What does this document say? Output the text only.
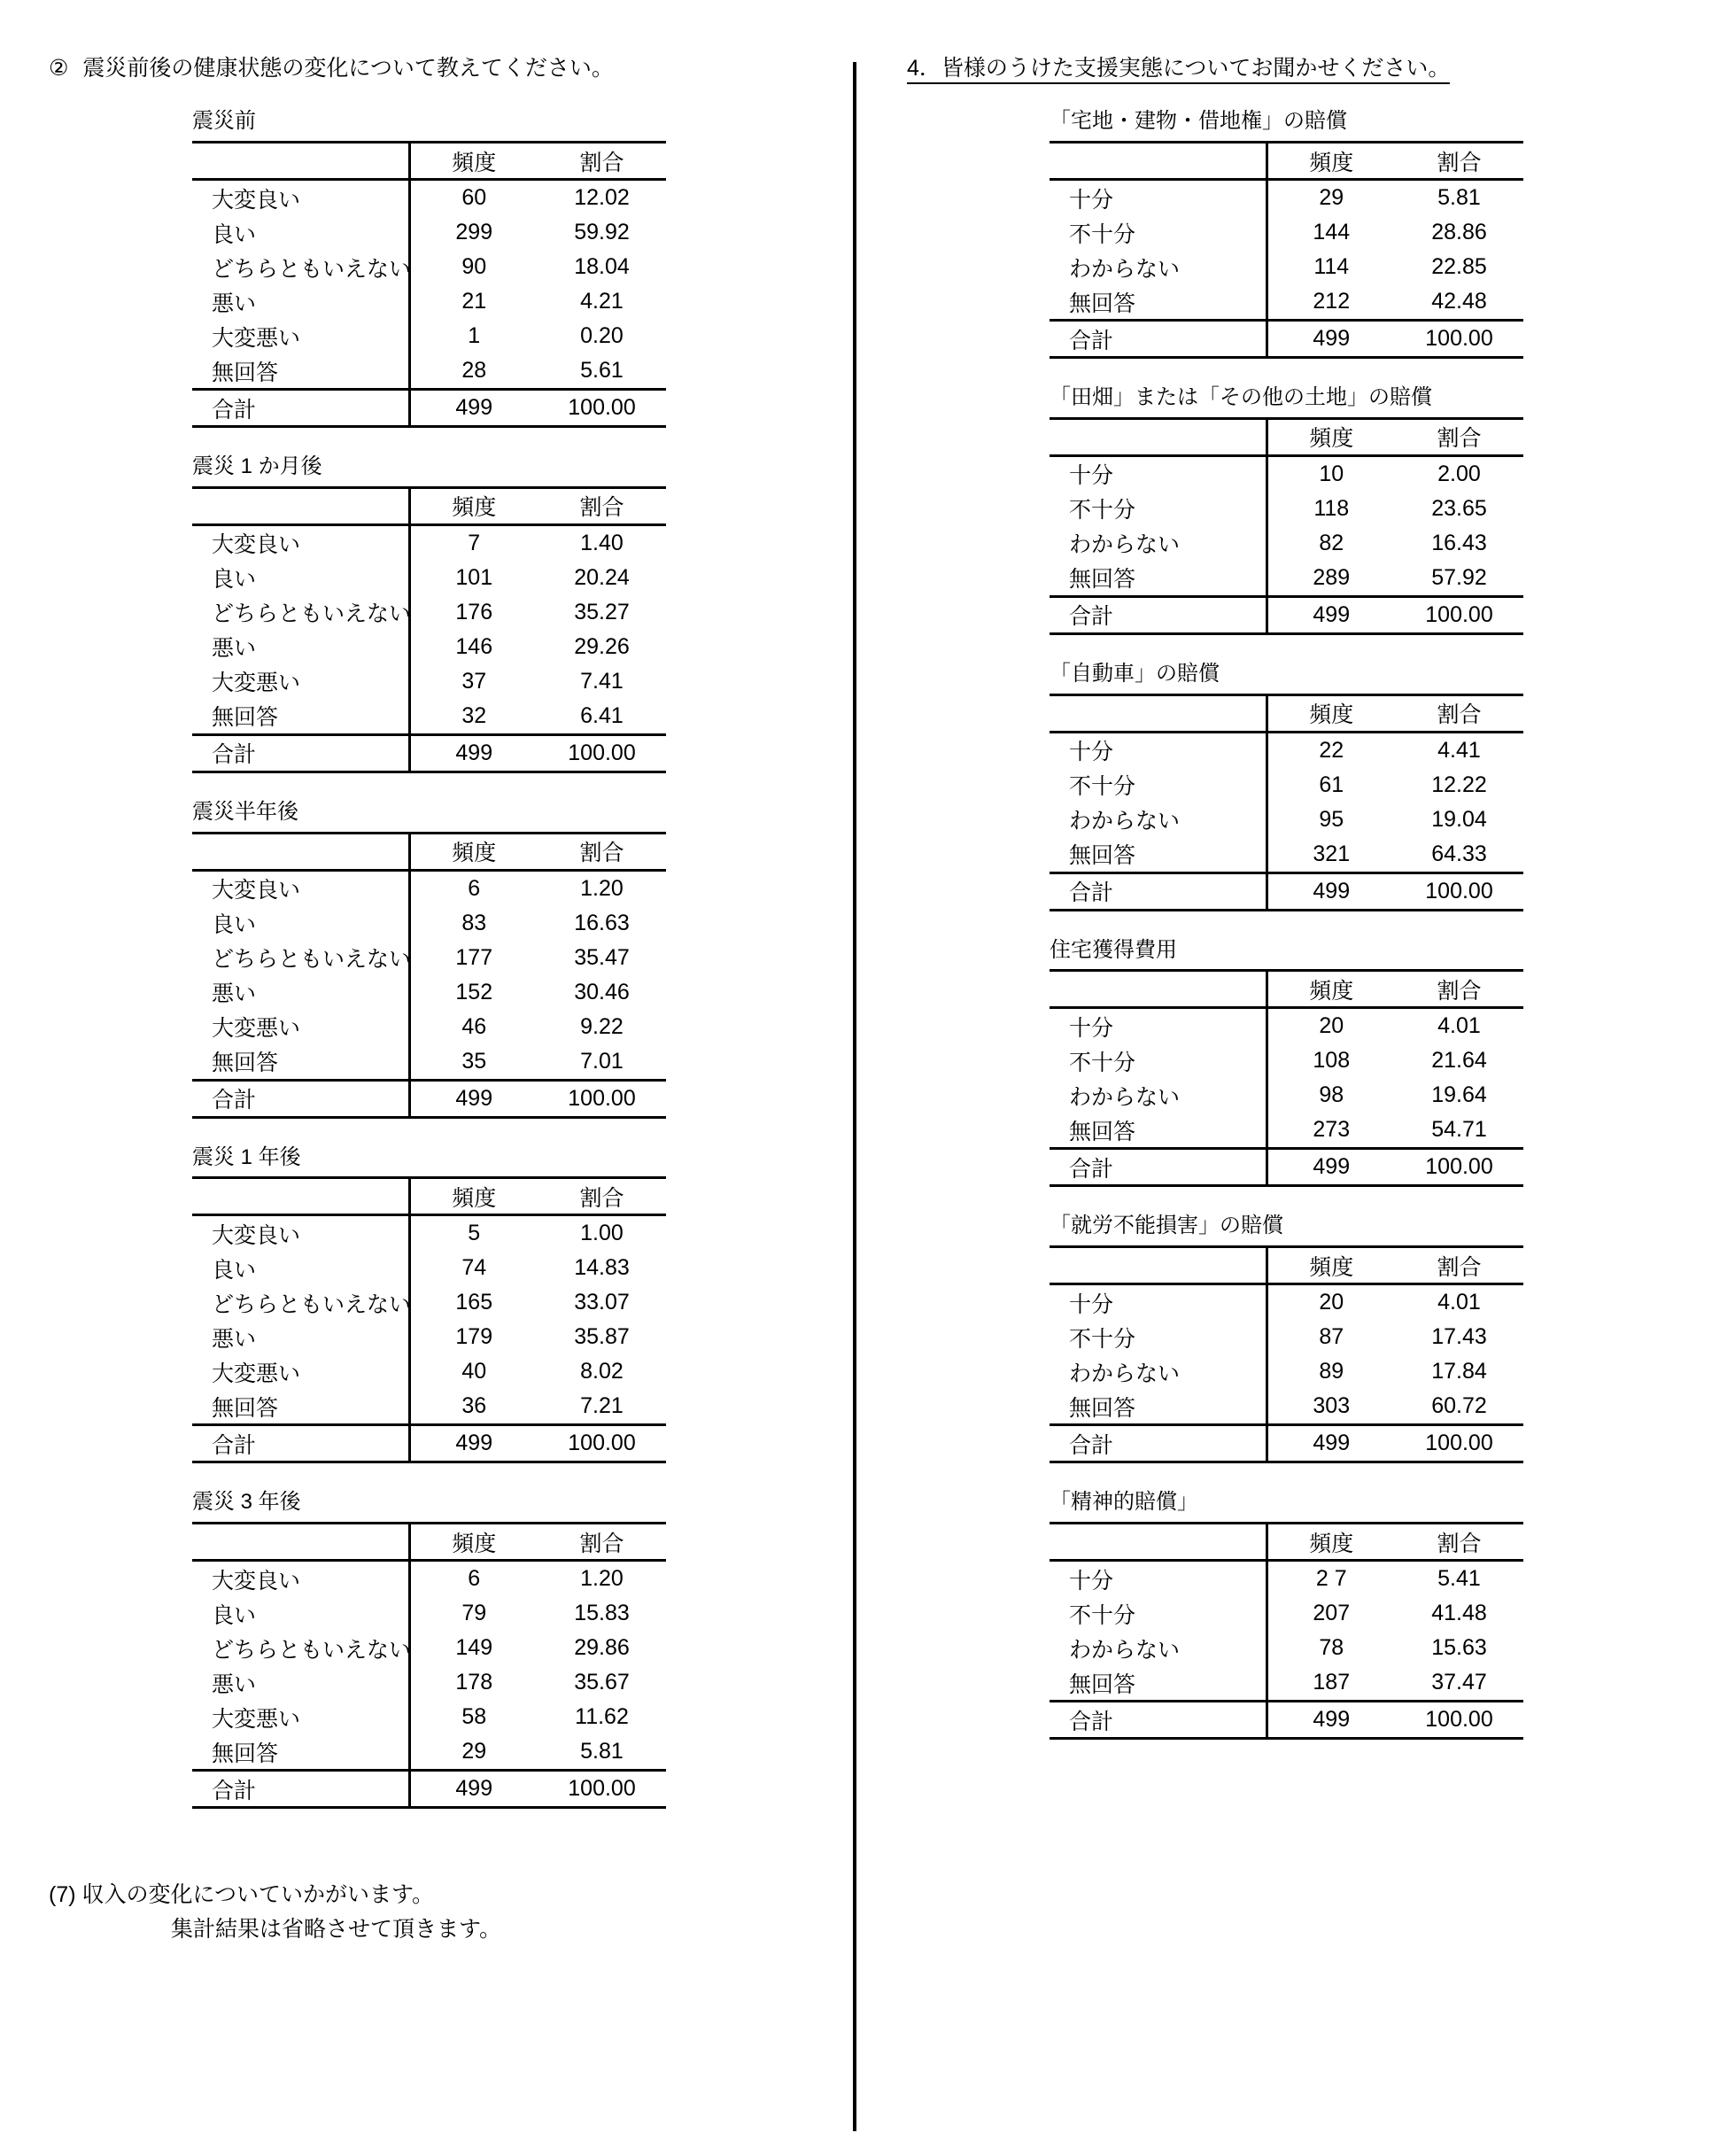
② 震災前後の健康状態の変化について教えてください。
震災前
	頻度	割合
大変良い	60	12.02
良い	299	59.92
どちらともいえない	90	18.04
悪い	21	4.21
大変悪い	1	0.20
無回答	28	5.61
合計	499	100.00
震災 1 か月後
	頻度	割合
大変良い	7	1.40
良い	101	20.24
どちらともいえない	176	35.27
悪い	146	29.26
大変悪い	37	7.41
無回答	32	6.41
合計	499	100.00
震災半年後
	頻度	割合
大変良い	6	1.20
良い	83	16.63
どちらともいえない	177	35.47
悪い	152	30.46
大変悪い	46	9.22
無回答	35	7.01
合計	499	100.00
震災 1 年後
	頻度	割合
大変良い	5	1.00
良い	74	14.83
どちらともいえない	165	33.07
悪い	179	35.87
大変悪い	40	8.02
無回答	36	7.21
合計	499	100.00
震災 3 年後
	頻度	割合
大変良い	6	1.20
良い	79	15.83
どちらともいえない	149	29.86
悪い	178	35.67
大変悪い	58	11.62
無回答	29	5.81
合計	499	100.00
(7) 収入の変化についていかがいます。
集計結果は省略させて頂きます。
4．皆様のうけた支援実態についてお聞かせください。
「宅地・建物・借地権」の賠償
	頻度	割合
十分	29	5.81
不十分	144	28.86
わからない	114	22.85
無回答	212	42.48
合計	499	100.00
「田畑」または「その他の土地」の賠償
	頻度	割合
十分	10	2.00
不十分	118	23.65
わからない	82	16.43
無回答	289	57.92
合計	499	100.00
「自動車」の賠償
	頻度	割合
十分	22	4.41
不十分	61	12.22
わからない	95	19.04
無回答	321	64.33
合計	499	100.00
住宅獲得費用
	頻度	割合
十分	20	4.01
不十分	108	21.64
わからない	98	19.64
無回答	273	54.71
合計	499	100.00
「就労不能損害」の賠償
	頻度	割合
十分	20	4.01
不十分	87	17.43
わからない	89	17.84
無回答	303	60.72
合計	499	100.00
「精神的賠償」
	頻度	割合
十分	2 7	5.41
不十分	207	41.48
わからない	78	15.63
無回答	187	37.47
合計	499	100.00
